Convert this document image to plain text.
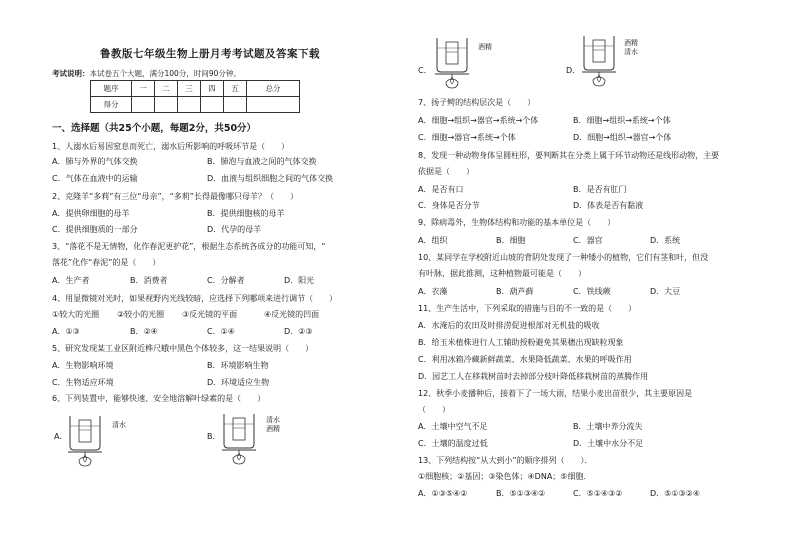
鲁教版七年级生物上册月考考试题及答案下载
考试说明：本试卷五个大题，满分100分，时间90分钟。
题序	一	二	三	四	五	总分
得分						
一、选择题（共25个小题，每题2分，共50分）
1、人溺水后易因窒息而死亡，溺水后所影响的呼吸环节是（　　）
A．肺与外界的气体交换	B．肺泡与血液之间的气体交换
C．气体在血液中的运输	D．血液与组织细胞之间的气体交换
2、克隆羊“多莉”有三位“母亲”，“多莉”长得最像哪只母羊？（　　）
A．提供卵细胞的母羊	B．提供细胞核的母羊
C．提供细胞质的一部分	D．代孕的母羊
3、“落花不是无情物，化作春泥更护花”，根据生态系统各成分的功能可知，“
落花”化作“春泥”的是（　　）
A．生产者	B．消费者	C．分解者	D．阳光
4、用显微镜对光时，如果视野内光线较暗，应选择下列哪项来进行调节（　　）
①较大的光圈 ②较小的光圈 ③反光镜的平面	④反光镜的凹面
A．①③	B．②④	C．①④	D．②③
5、研究发现某工业区附近桦尺蛾中黑色个体较多，这一结果说明（　　）
A．生物影响环境	B．环境影响生物
C．生物适应环境	D．环境适应生物
6、下列装置中，能够快速、安全地溶解叶绿素的是（　　）
A．
清水
B．
清水
酒精
C．
酒精
D．
酒精
清水
7、扬子鳄的结构层次是（　　）
A．细胞→组织→器官→系统→个体	B．细胞→组织→系统→个体
C．细胞→器官→系统→个体	D．细胞→组织→器官→个体
8、发现一种动物身体呈圆柱形，要判断其在分类上属于环节动物还是线形动物，主要
依据是（　　）
A．是否有口	B．是否有肛门
C．身体是否分节	D．体表是否有黏液
9、除病毒外，生物体结构和功能的基本单位是（　　）
A．组织	B．细胞	C．器官	D．系统
10、某同学在学校附近山坡的背阴处发现了一种矮小的植物，它们有茎和叶，但没
有叶脉，据此推测，这种植物最可能是（　　）
A．衣藻	B．葫芦藓	C．铁线蕨	D．大豆
11、生产生活中，下列采取的措施与目的不一致的是（　　）
A．水淹后的农田及时排涝促进根部对无机盐的吸收
B．给玉米植株进行人工辅助授粉避免其果穗出现缺粒现象
C．利用冰箱冷藏新鲜蔬菜、水果降低蔬菜、水果的呼吸作用
D．园艺工人在移栽树苗时去掉部分枝叶降低移栽树苗的蒸腾作用
12、秋季小麦播种后，接着下了一场大雨，结果小麦出苗很少，其主要原因是
（　　）
A．土壤中空气不足	B．土壤中养分流失
C．土壤的温度过低	D．土壤中水分不足
13、下列结构按“从大到小”的顺序排列（　　）．
①细胞核；②基因；③染色体；④DNA；⑤细胞．
A．①③⑤④②	B．⑤①③④②	C．⑤①④③②	D．⑤①③②④
